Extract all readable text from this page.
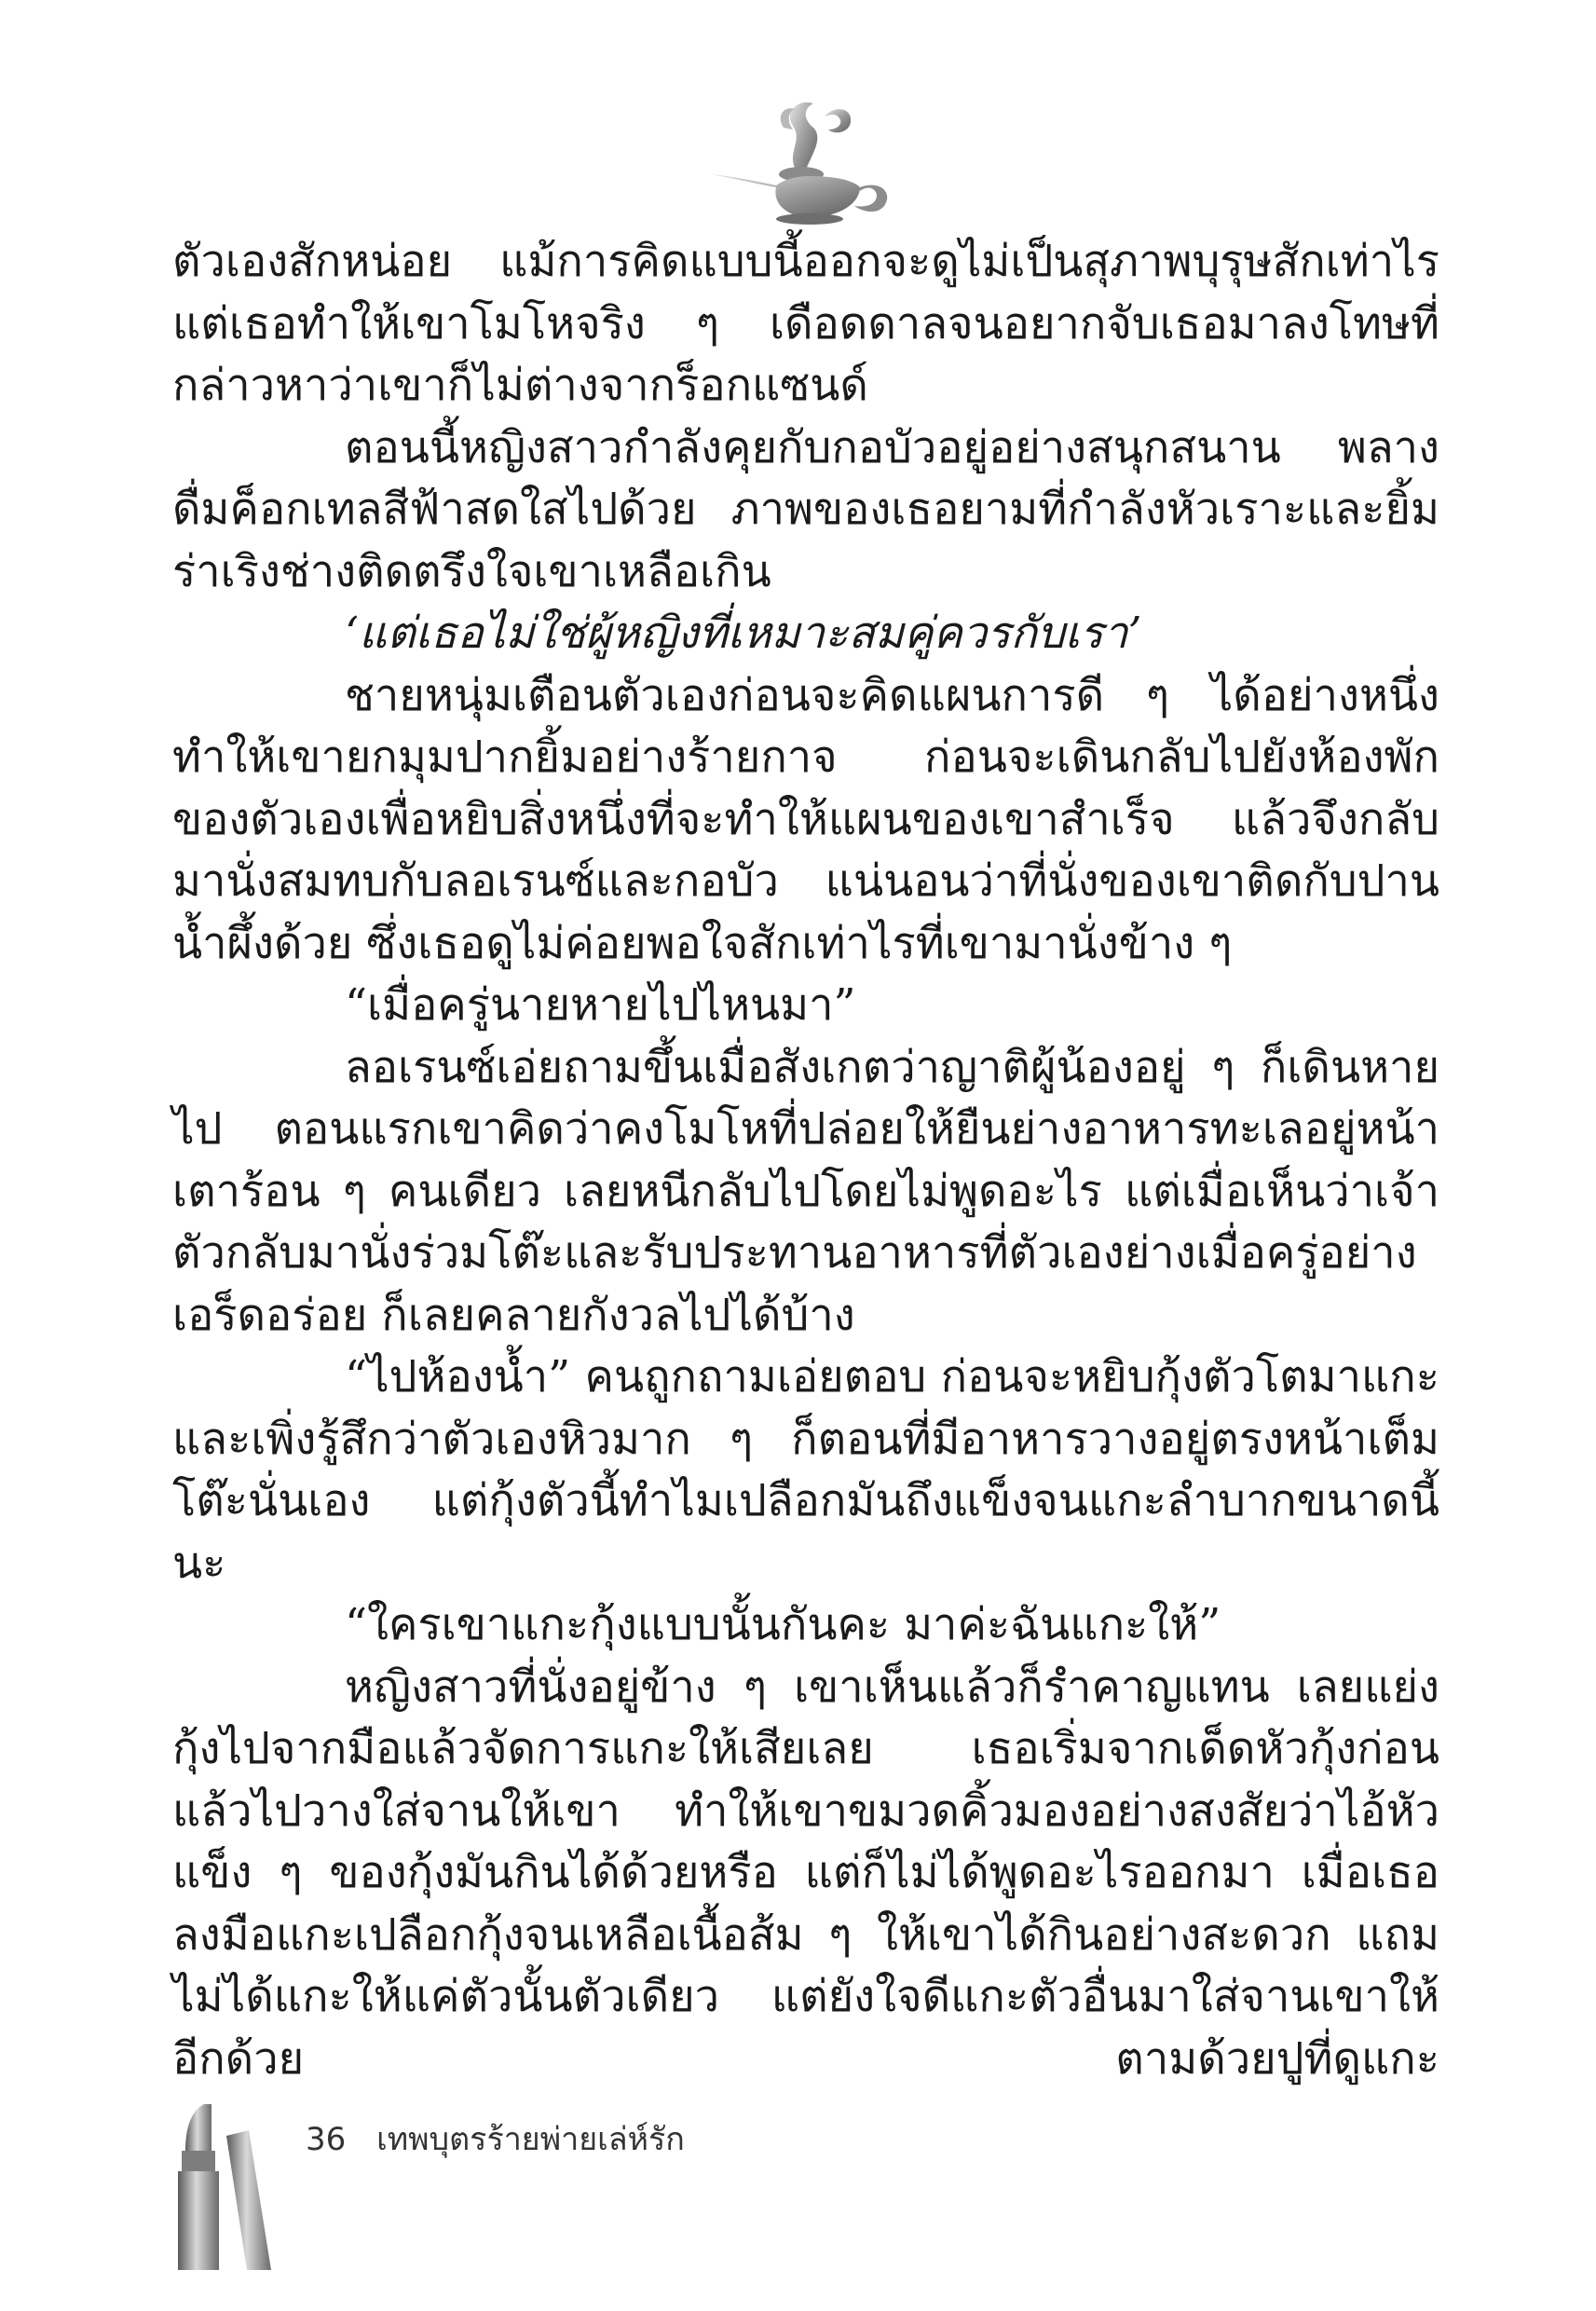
ตัวเองสักหน่อย แม้การคิดแบบนี้ออกจะดูไม่เป็นสุภาพบุรุษสักเท่าไร แต่เธอทำให้เขาโมโหจริง ๆ เดือดดาลจนอยากจับเธอมาลงโทษที่กล่าวหาว่าเขาก็ไม่ต่างจากร็อกแซนด์

ตอนนี้หญิงสาวกำลังคุยกับกอบัวอยู่อย่างสนุกสนาน พลางดื่มค็อกเทลสีฟ้าสดใสไปด้วย ภาพของเธอยามที่กำลังหัวเราะและยิ้มร่าเริงช่างติดตรึงใจเขาเหลือเกิน

‘แต่เธอไม่ใช่ผู้หญิงที่เหมาะสมคู่ควรกับเรา’

ชายหนุ่มเตือนตัวเองก่อนจะคิดแผนการดี ๆ ได้อย่างหนึ่ง ทำให้เขายกมุมปากยิ้มอย่างร้ายกาจ ก่อนจะเดินกลับไปยังห้องพักของตัวเองเพื่อหยิบสิ่งหนึ่งที่จะทำให้แผนของเขาสำเร็จ แล้วจึงกลับมานั่งสมทบกับลอเรนซ์และกอบัว แน่นอนว่าที่นั่งของเขาติดกับปานน้ำผึ้งด้วย ซึ่งเธอดูไม่ค่อยพอใจสักเท่าไรที่เขามานั่งข้าง ๆ

“เมื่อครู่นายหายไปไหนมา”

ลอเรนซ์เอ่ยถามขึ้นเมื่อสังเกตว่าญาติผู้น้องอยู่ ๆ ก็เดินหายไป ตอนแรกเขาคิดว่าคงโมโหที่ปล่อยให้ยืนย่างอาหารทะเลอยู่หน้าเตาร้อน ๆ คนเดียว เลยหนีกลับไปโดยไม่พูดอะไร แต่เมื่อเห็นว่าเจ้าตัวกลับมานั่งร่วมโต๊ะและรับประทานอาหารที่ตัวเองย่างเมื่อครู่อย่างเอร็ดอร่อย ก็เลยคลายกังวลไปได้บ้าง

“ไปห้องน้ำ” คนถูกถามเอ่ยตอบ ก่อนจะหยิบกุ้งตัวโตมาแกะ และเพิ่งรู้สึกว่าตัวเองหิวมาก ๆ ก็ตอนที่มีอาหารวางอยู่ตรงหน้าเต็มโต๊ะนั่นเอง แต่กุ้งตัวนี้ทำไมเปลือกมันถึงแข็งจนแกะลำบากขนาดนี้นะ

“ใครเขาแกะกุ้งแบบนั้นกันคะ มาค่ะฉันแกะให้”

หญิงสาวที่นั่งอยู่ข้าง ๆ เขาเห็นแล้วก็รำคาญแทน เลยแย่งกุ้งไปจากมือแล้วจัดการแกะให้เสียเลย เธอเริ่มจากเด็ดหัวกุ้งก่อน แล้วไปวางใส่จานให้เขา ทำให้เขาขมวดคิ้วมองอย่างสงสัยว่าไอ้หัวแข็ง ๆ ของกุ้งมันกินได้ด้วยหรือ แต่ก็ไม่ได้พูดอะไรออกมา เมื่อเธอลงมือแกะเปลือกกุ้งจนเหลือเนื้อส้ม ๆ ให้เขาได้กินอย่างสะดวก แถมไม่ได้แกะให้แค่ตัวนั้นตัวเดียว แต่ยังใจดีแกะตัวอื่นมาใส่จานเขาให้อีกด้วย ตามด้วยปูที่ดูแกะ

36 เทพบุตรร้ายพ่ายเล่ห์รัก
